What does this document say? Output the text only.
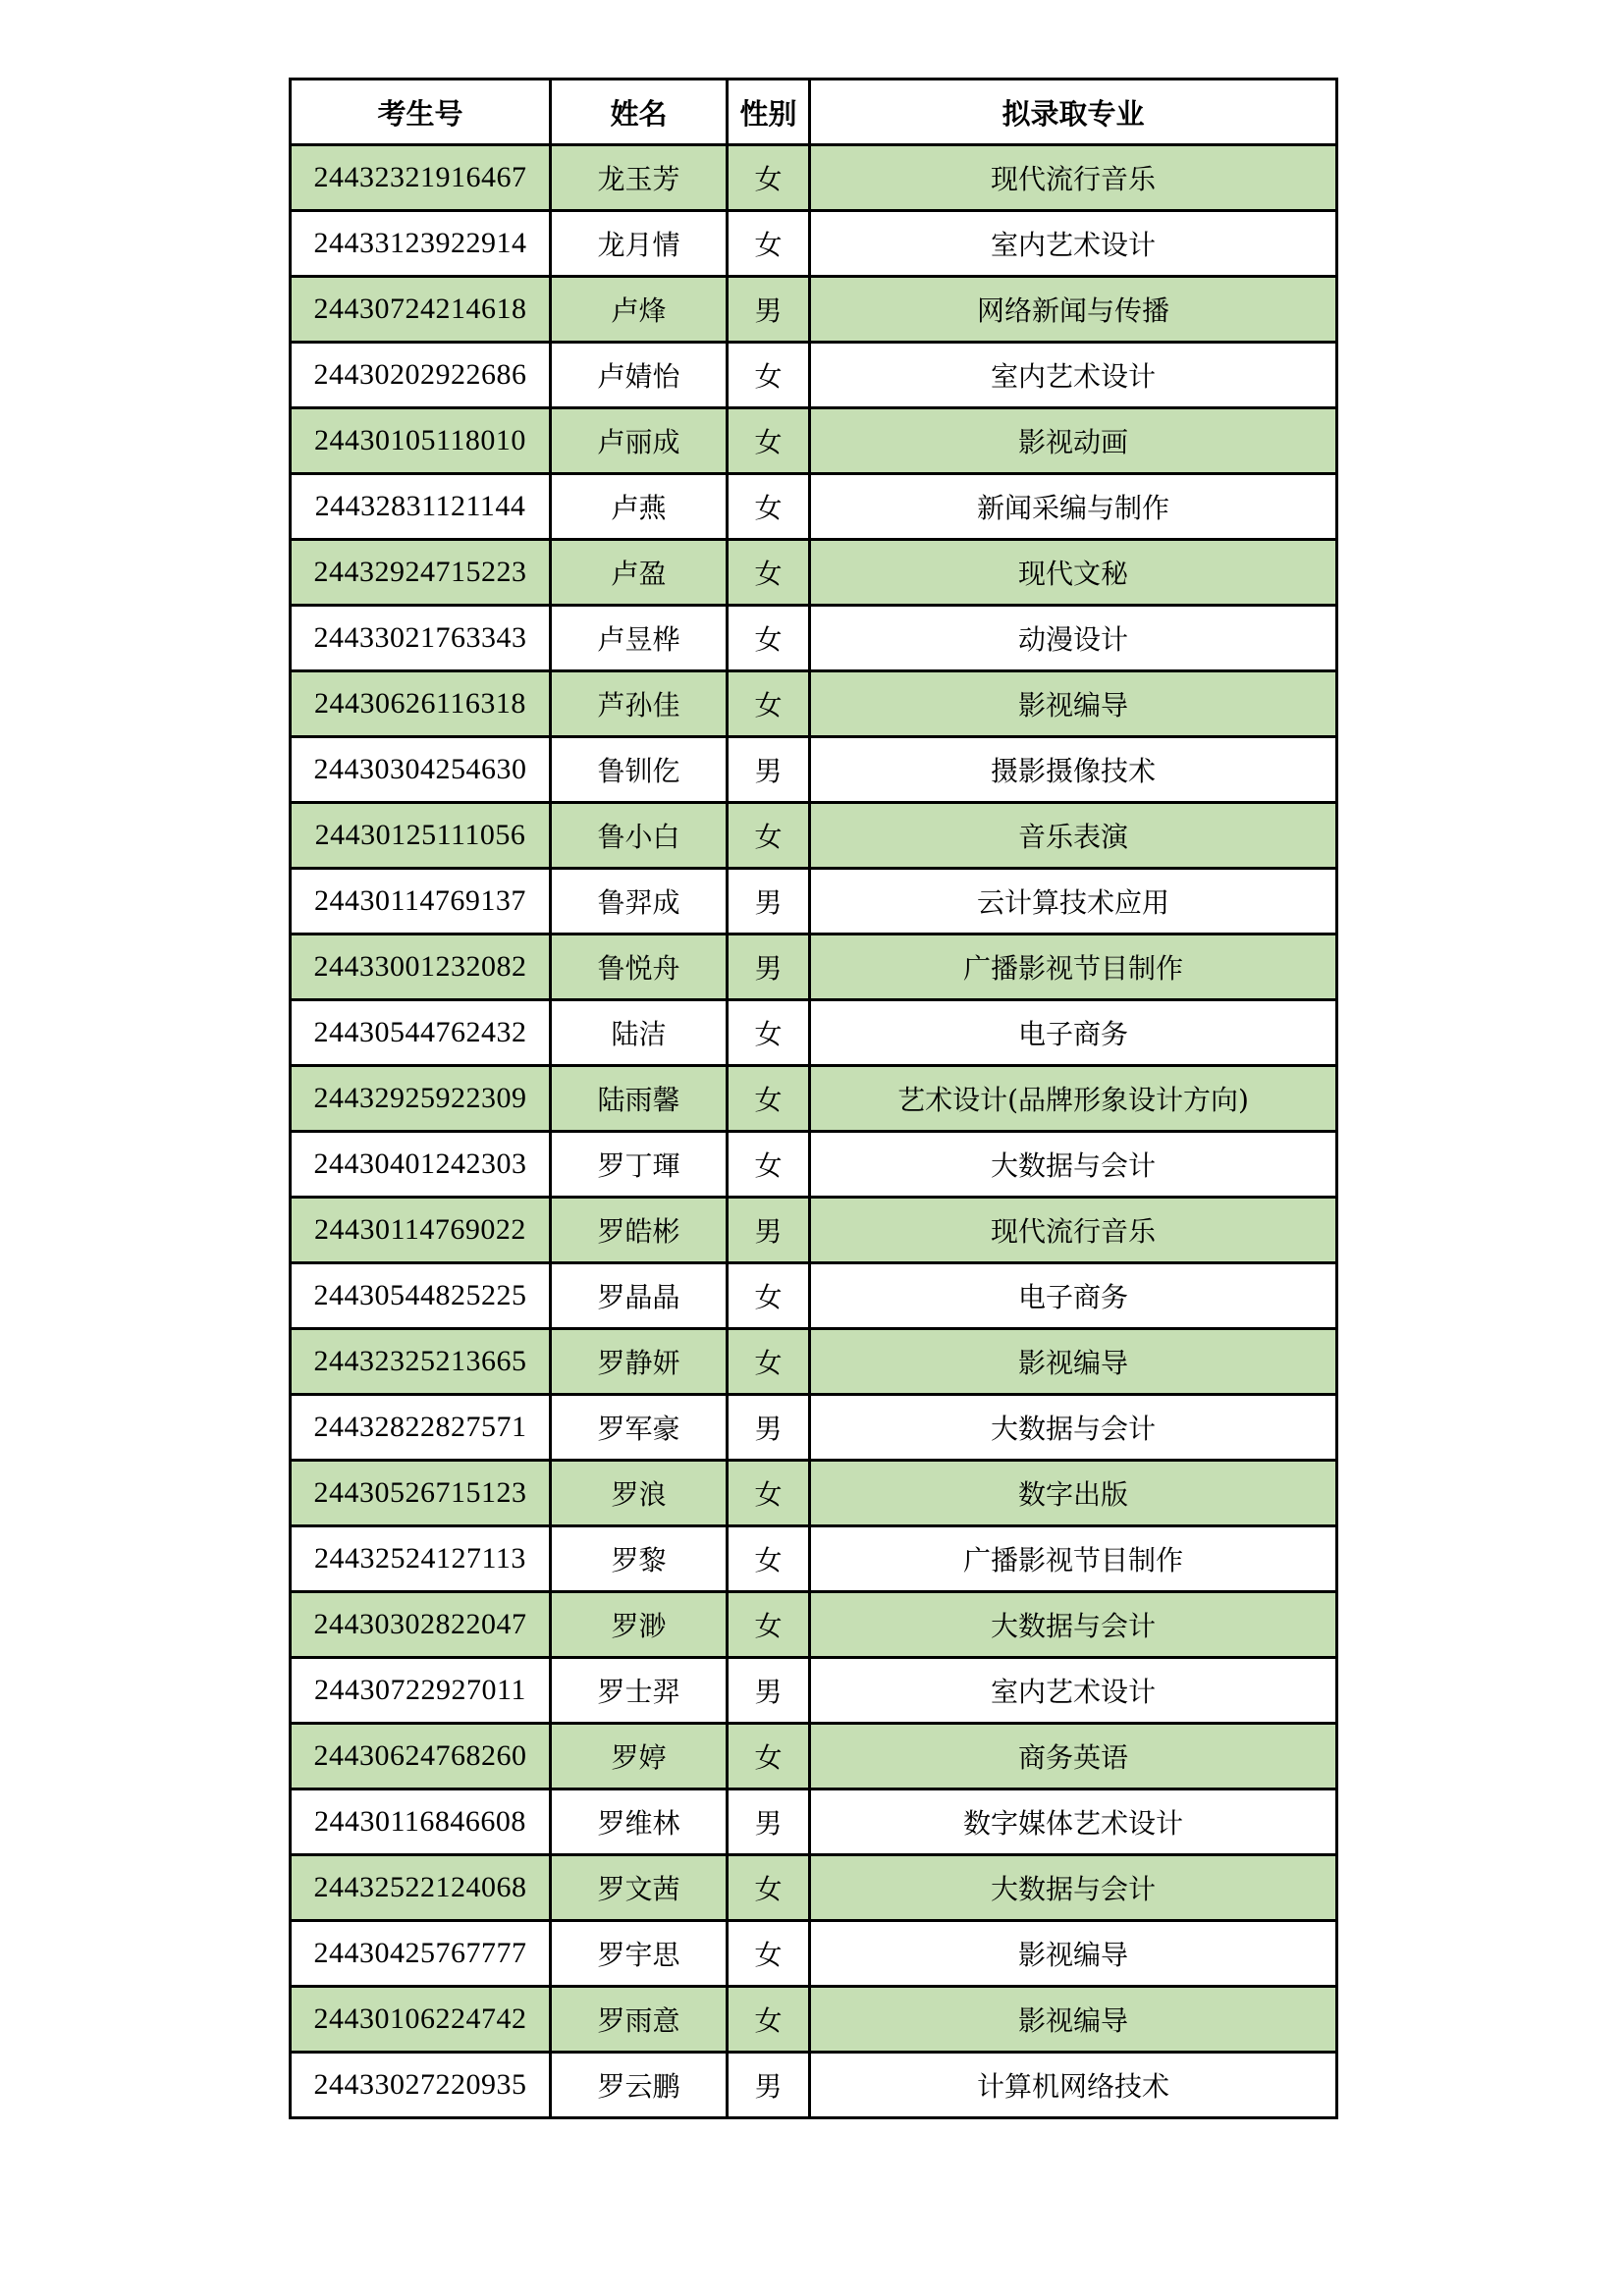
考生号	姓名	性别	拟录取专业
24432321916467	龙玉芳	女	现代流行音乐
24433123922914	龙月情	女	室内艺术设计
24430724214618	卢烽	男	网络新闻与传播
24430202922686	卢婧怡	女	室内艺术设计
24430105118010	卢丽成	女	影视动画
24432831121144	卢燕	女	新闻采编与制作
24432924715223	卢盈	女	现代文秘
24433021763343	卢昱桦	女	动漫设计
24430626116318	芦孙佳	女	影视编导
24430304254630	鲁钏仡	男	摄影摄像技术
24430125111056	鲁小白	女	音乐表演
24430114769137	鲁羿成	男	云计算技术应用
24433001232082	鲁悦舟	男	广播影视节目制作
24430544762432	陆洁	女	电子商务
24432925922309	陆雨馨	女	艺术设计(品牌形象设计方向)
24430401242303	罗丁琿	女	大数据与会计
24430114769022	罗皓彬	男	现代流行音乐
24430544825225	罗晶晶	女	电子商务
24432325213665	罗静妍	女	影视编导
24432822827571	罗军豪	男	大数据与会计
24430526715123	罗浪	女	数字出版
24432524127113	罗黎	女	广播影视节目制作
24430302822047	罗渺	女	大数据与会计
24430722927011	罗士羿	男	室内艺术设计
24430624768260	罗婷	女	商务英语
24430116846608	罗维林	男	数字媒体艺术设计
24432522124068	罗文茜	女	大数据与会计
24430425767777	罗宇思	女	影视编导
24430106224742	罗雨意	女	影视编导
24433027220935	罗云鹏	男	计算机网络技术
